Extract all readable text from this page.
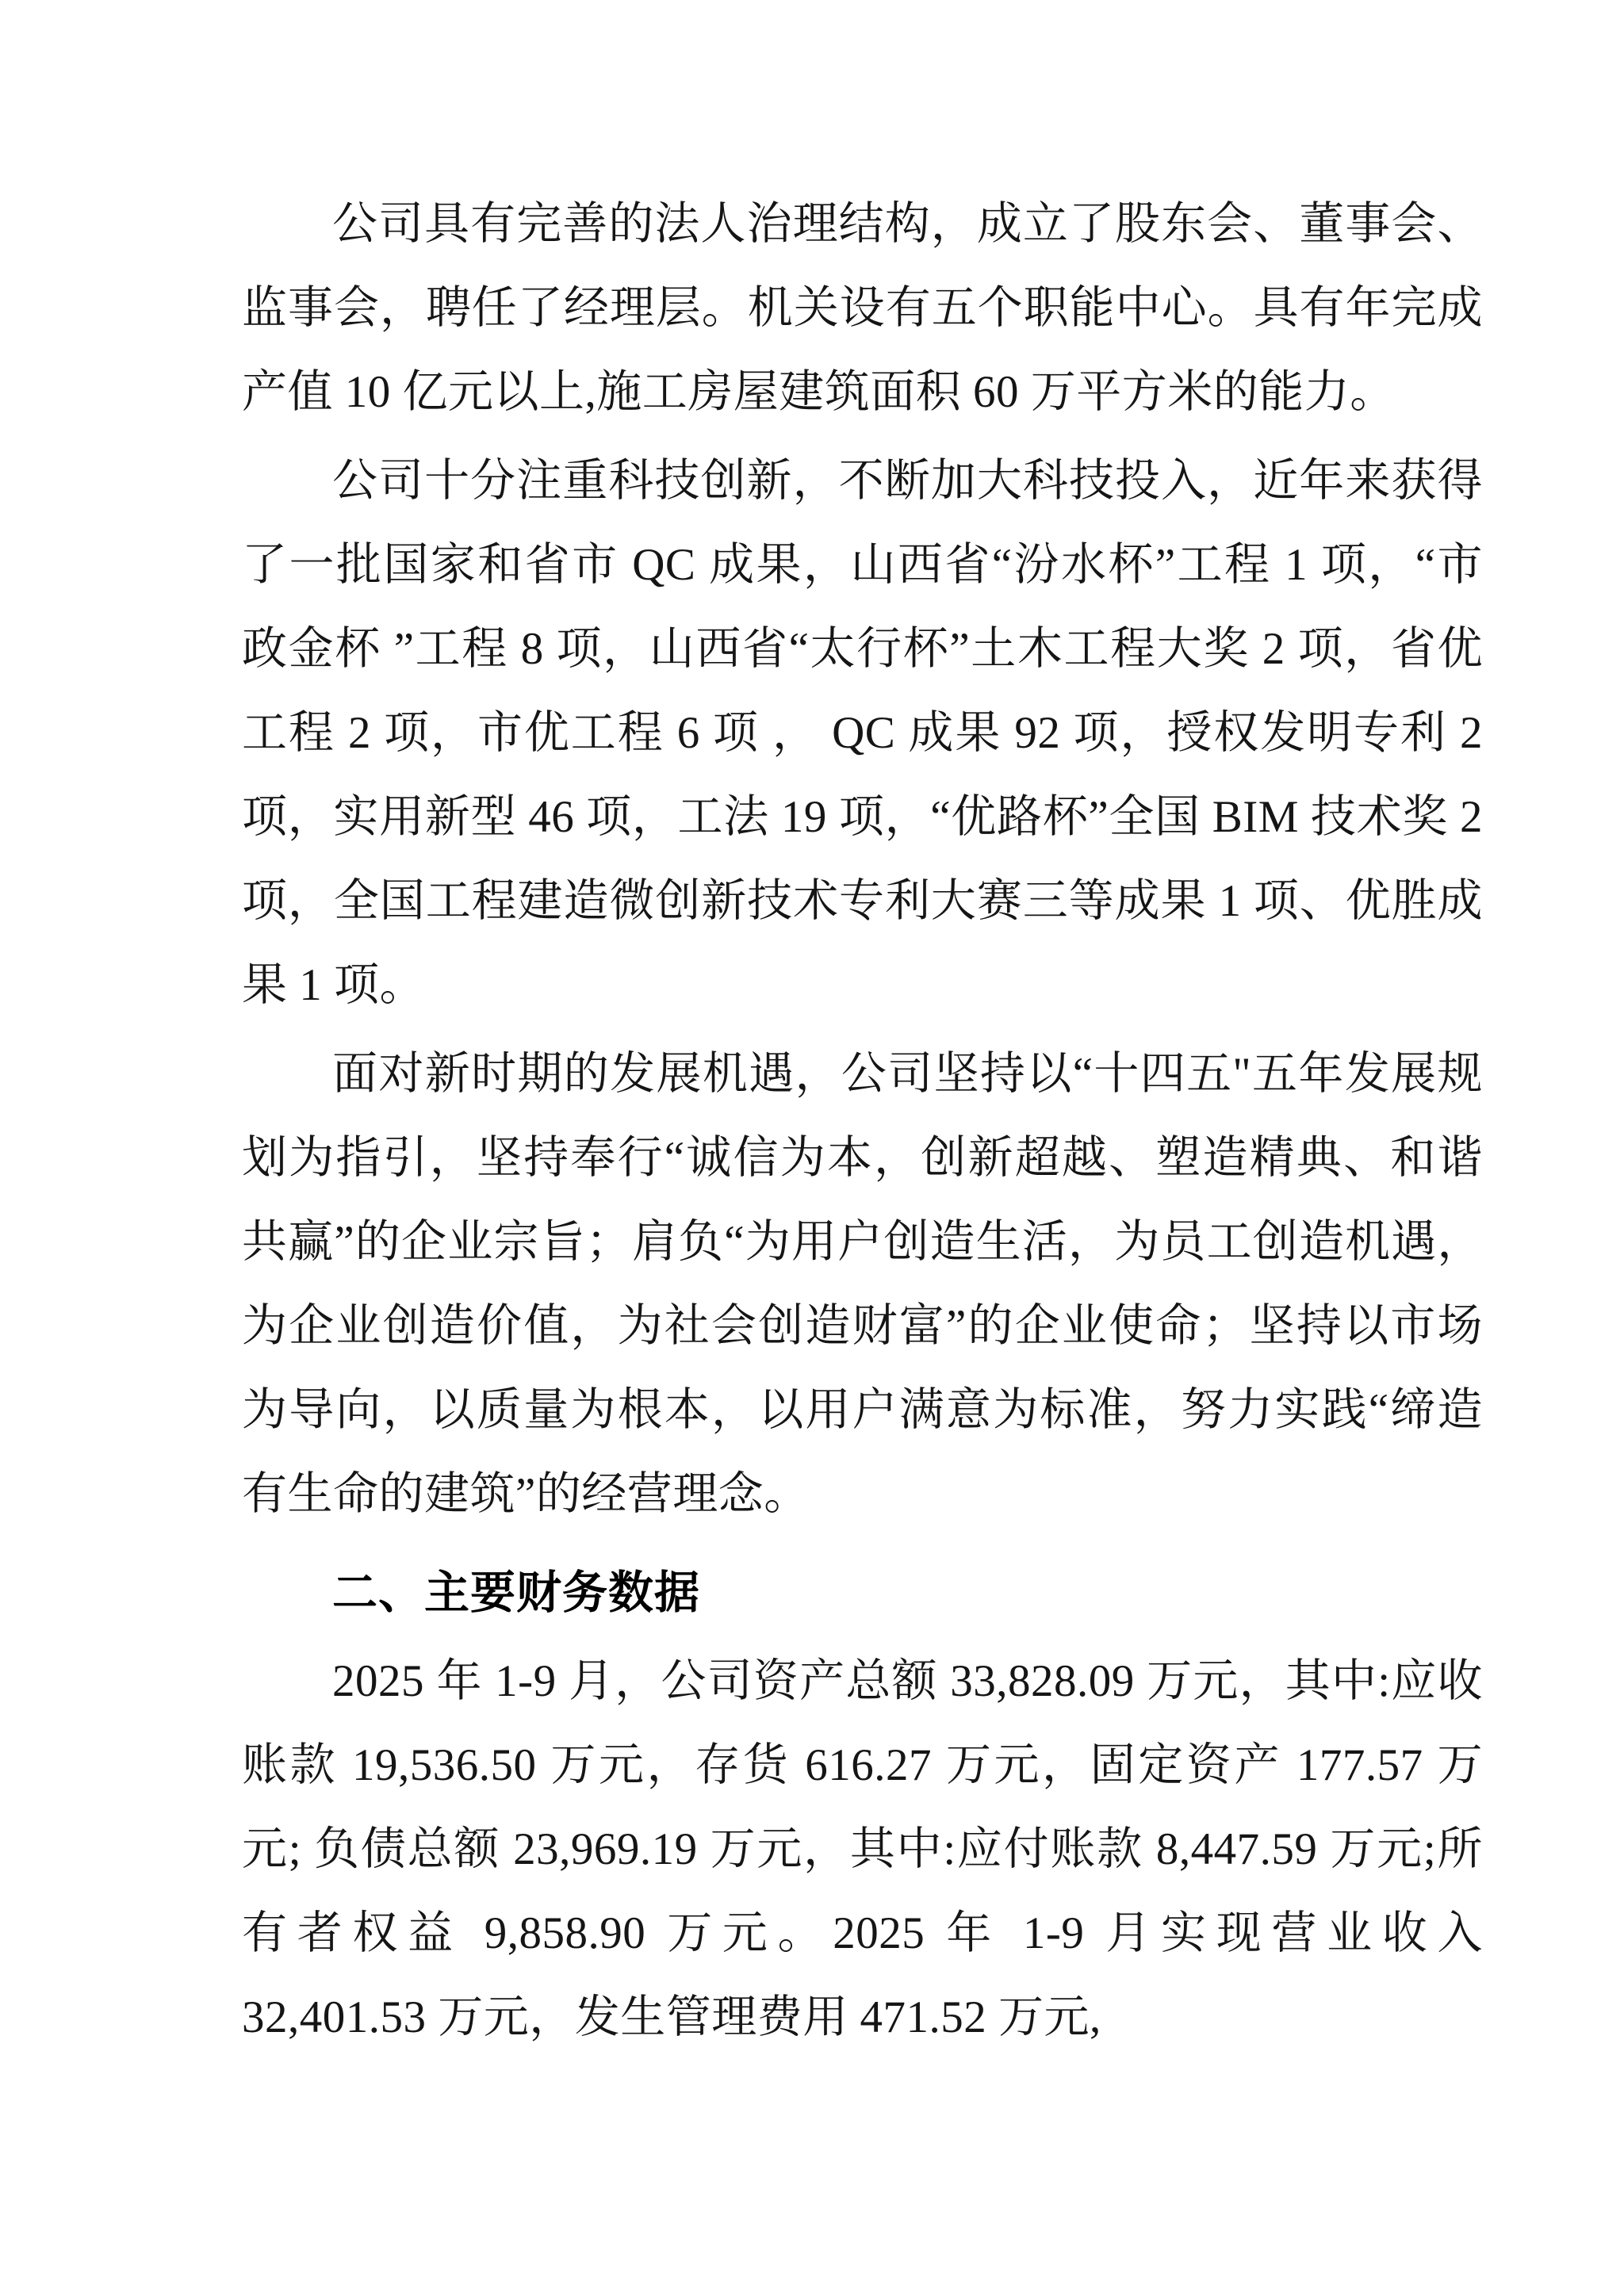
公司具有完善的法人治理结构，成立了股东会、董事会、监事会，聘任了经理层。机关设有五个职能中心。具有年完成产值 10 亿元以上,施工房屋建筑面积 60 万平方米的能力。

公司十分注重科技创新，不断加大科技投入，近年来获得了一批国家和省市 QC 成果，山西省“汾水杯”工程 1 项，“市政金杯 ”工程 8 项，山西省“太行杯”土木工程大奖 2 项，省优工程 2 项，市优工程 6 项 ， QC 成果 92 项，授权发明专利 2 项，实用新型 46 项，工法 19 项，“优路杯”全国 BIM 技术奖 2 项，全国工程建造微创新技术专利大赛三等成果 1 项、优胜成果 1 项。

面对新时期的发展机遇，公司坚持以“十四五"五年发展规划为指引，坚持奉行“诚信为本，创新超越、塑造精典、和谐共赢”的企业宗旨；肩负“为用户创造生活，为员工创造机遇，为企业创造价值，为社会创造财富”的企业使命；坚持以市场为导向，以质量为根本，以用户满意为标准，努力实践“缔造有生命的建筑”的经营理念。

二、主要财务数据

2025 年 1-9 月，公司资产总额 33,828.09 万元，其中:应收账款 19,536.50 万元，存货 616.27 万元，固定资产 177.57 万元; 负债总额 23,969.19 万元，其中:应付账款 8,447.59 万元;所有者权益 9,858.90 万元。2025 年 1-9 月实现营业收入 32,401.53 万元，发生管理费用 471.52 万元,
